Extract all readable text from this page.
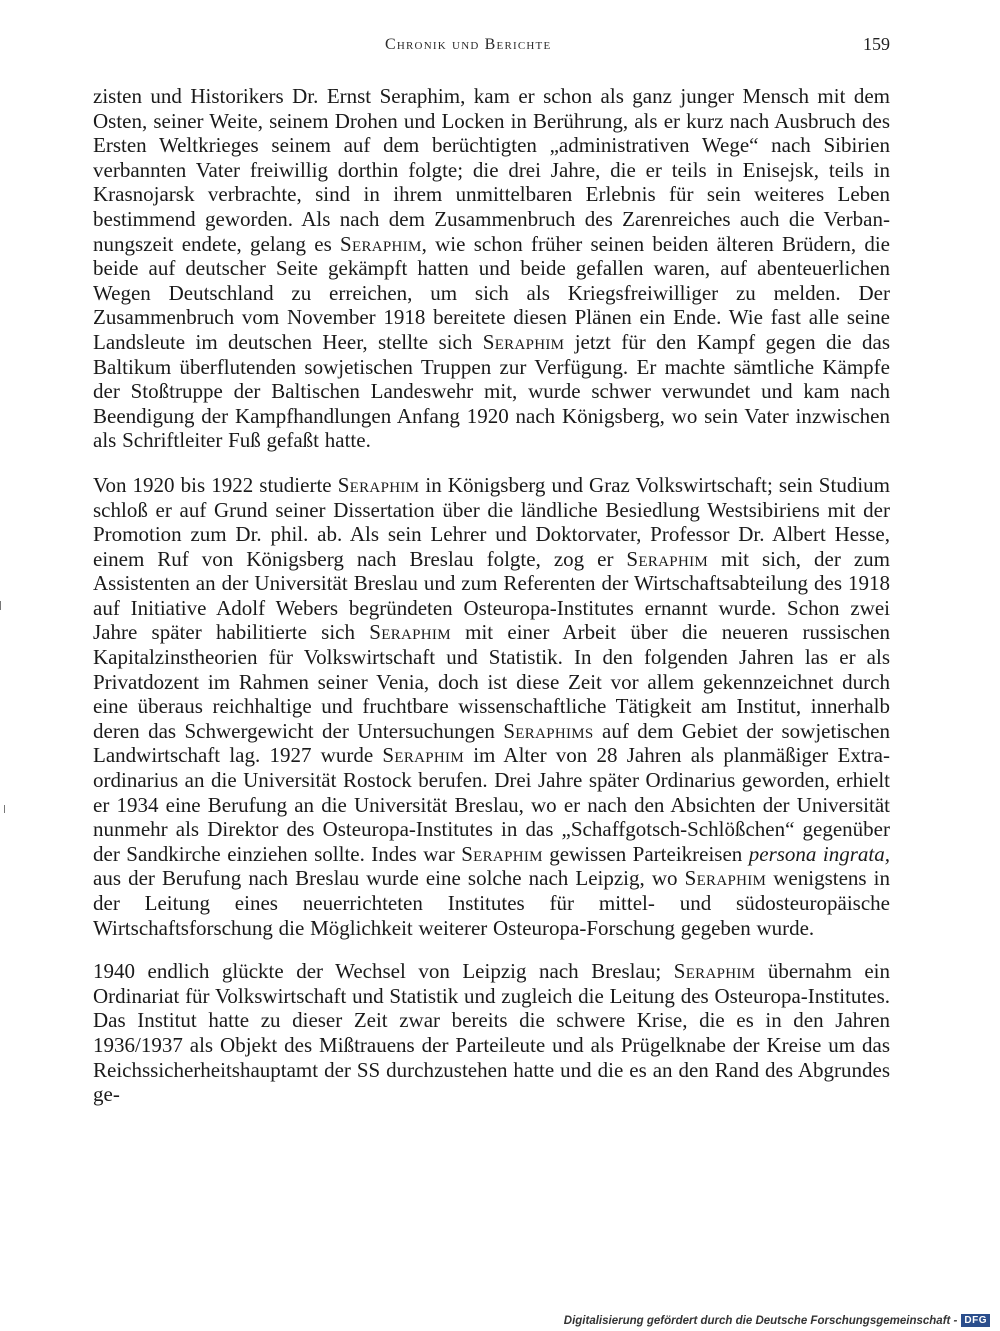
Chronik und Berichte	159

zisten und Historikers Dr. Ernst Seraphim, kam er schon als ganz junger Mensch mit dem Osten, seiner Weite, seinem Drohen und Locken in Berührung, als er kurz nach Ausbruch des Ersten Weltkrieges seinem auf dem berüchtigten „administrativen Wege“ nach Sibirien verbannten Vater freiwillig dorthin folgte; die drei Jahre, die er teils in Enisejsk, teils in Krasnojarsk verbrachte, sind in ihrem unmittelbaren Erlebnis für sein weiteres Leben bestimmend geworden. Als nach dem Zusammenbruch des Zarenreiches auch die Verbannungszeit endete, gelang es Seraphim, wie schon früher seinen beiden älteren Brüdern, die beide auf deutscher Seite gekämpft hatten und beide gefallen waren, auf abenteuerlichen Wegen Deutschland zu erreichen, um sich als Kriegsfreiwilliger zu melden. Der Zusammenbruch vom November 1918 bereitete diesen Plänen ein Ende. Wie fast alle seine Landsleute im deutschen Heer, stellte sich Seraphim jetzt für den Kampf gegen die das Baltikum überflutenden sowjetischen Truppen zur Verfügung. Er machte sämtliche Kämpfe der Stoßtruppe der Baltischen Landeswehr mit, wurde schwer verwundet und kam nach Beendigung der Kampfhandlungen Anfang 1920 nach Königsberg, wo sein Vater inzwischen als Schriftleiter Fuß gefaßt hatte.

Von 1920 bis 1922 studierte Seraphim in Königsberg und Graz Volkswirtschaft; sein Studium schloß er auf Grund seiner Dissertation über die ländliche Besiedlung Westsibiriens mit der Promotion zum Dr. phil. ab. Als sein Lehrer und Doktorvater, Professor Dr. Albert Hesse, einem Ruf von Königsberg nach Breslau folgte, zog er Seraphim mit sich, der zum Assistenten an der Universität Breslau und zum Referenten der Wirtschaftsabteilung des 1918 auf Initiative Adolf Webers begründeten Osteuropa-Institutes ernannt wurde. Schon zwei Jahre später habilitierte sich Seraphim mit einer Arbeit über die neueren russischen Kapitalzinstheorien für Volkswirtschaft und Statistik. In den folgenden Jahren las er als Privatdozent im Rahmen seiner Venia, doch ist diese Zeit vor allem gekennzeichnet durch eine überaus reichhaltige und fruchtbare wissenschaftliche Tätigkeit am Institut, innerhalb deren das Schwergewicht der Untersuchungen Seraphims auf dem Gebiet der sowjetischen Landwirtschaft lag. 1927 wurde Seraphim im Alter von 28 Jahren als planmäßiger Extraordinarius an die Universität Rostock berufen. Drei Jahre später Ordinarius geworden, erhielt er 1934 eine Berufung an die Universität Breslau, wo er nach den Absichten der Universität nunmehr als Direktor des Osteuropa-Institutes in das „Schaffgotsch-Schlößchen“ gegenüber der Sandkirche einziehen sollte. Indes war Seraphim gewissen Parteikreisen persona ingrata, aus der Berufung nach Breslau wurde eine solche nach Leipzig, wo Seraphim wenigstens in der Leitung eines neuerrichteten Institutes für mittel- und südosteuropäische Wirtschaftsforschung die Möglichkeit weiterer Osteuropa-Forschung gegeben wurde.

1940 endlich glückte der Wechsel von Leipzig nach Breslau; Seraphim übernahm ein Ordinariat für Volkswirtschaft und Statistik und zugleich die Leitung des Osteuropa-Institutes. Das Institut hatte zu dieser Zeit zwar bereits die schwere Krise, die es in den Jahren 1936/1937 als Objekt des Mißtrauens der Parteileute und als Prügelknabe der Kreise um das Reichssicherheitshauptamt der SS durchzustehen hatte und die es an den Rand des Abgrundes ge-

Digitalisierung gefördert durch die Deutsche Forschungsgemeinschaft - DFG
